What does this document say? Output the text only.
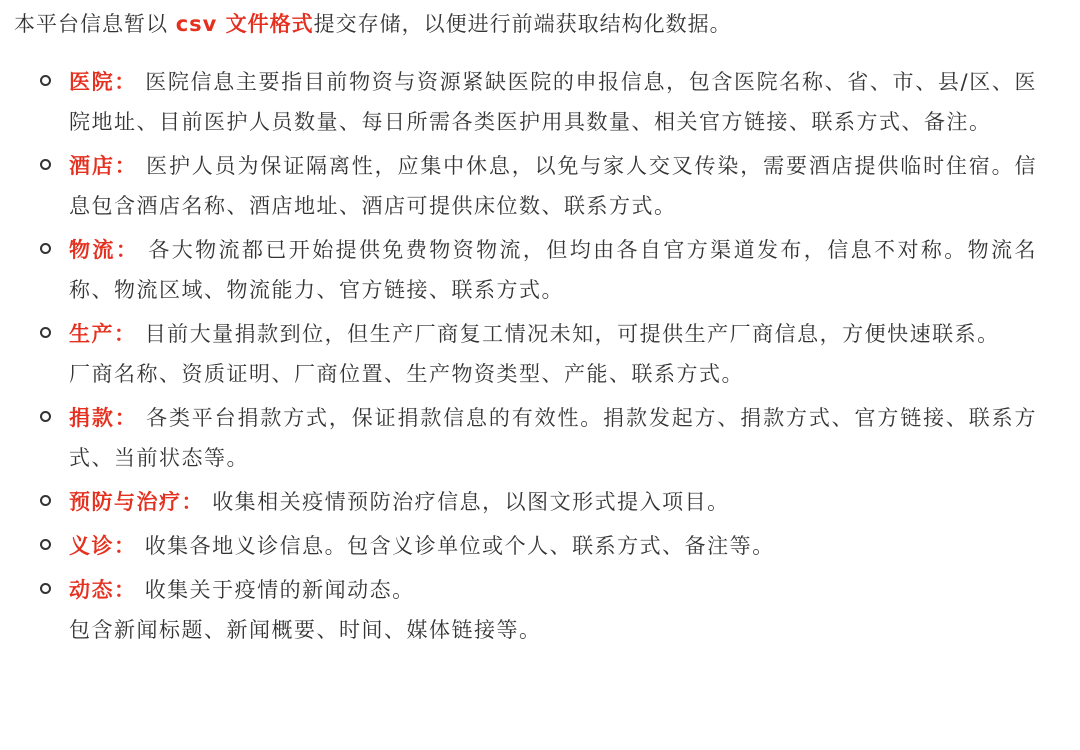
本平台信息暂以 csv 文件格式提交存储，以便进行前端获取结构化数据。

医院： 医院信息主要指目前物资与资源紧缺医院的申报信息，包含医院名称、省、市、县/区、医院地址、目前医护人员数量、每日所需各类医护用具数量、相关官方链接、联系方式、备注。

酒店： 医护人员为保证隔离性，应集中休息，以免与家人交叉传染，需要酒店提供临时住宿。信息包含酒店名称、酒店地址、酒店可提供床位数、联系方式。

物流： 各大物流都已开始提供免费物资物流，但均由各自官方渠道发布，信息不对称。物流名称、物流区域、物流能力、官方链接、联系方式。

生产： 目前大量捐款到位，但生产厂商复工情况未知，可提供生产厂商信息，方便快速联系。

厂商名称、资质证明、厂商位置、生产物资类型、产能、联系方式。

捐款： 各类平台捐款方式，保证捐款信息的有效性。捐款发起方、捐款方式、官方链接、联系方式、当前状态等。

预防与治疗： 收集相关疫情预防治疗信息，以图文形式提入项目。

义诊： 收集各地义诊信息。包含义诊单位或个人、联系方式、备注等。

动态： 收集关于疫情的新闻动态。

包含新闻标题、新闻概要、时间、媒体链接等。
